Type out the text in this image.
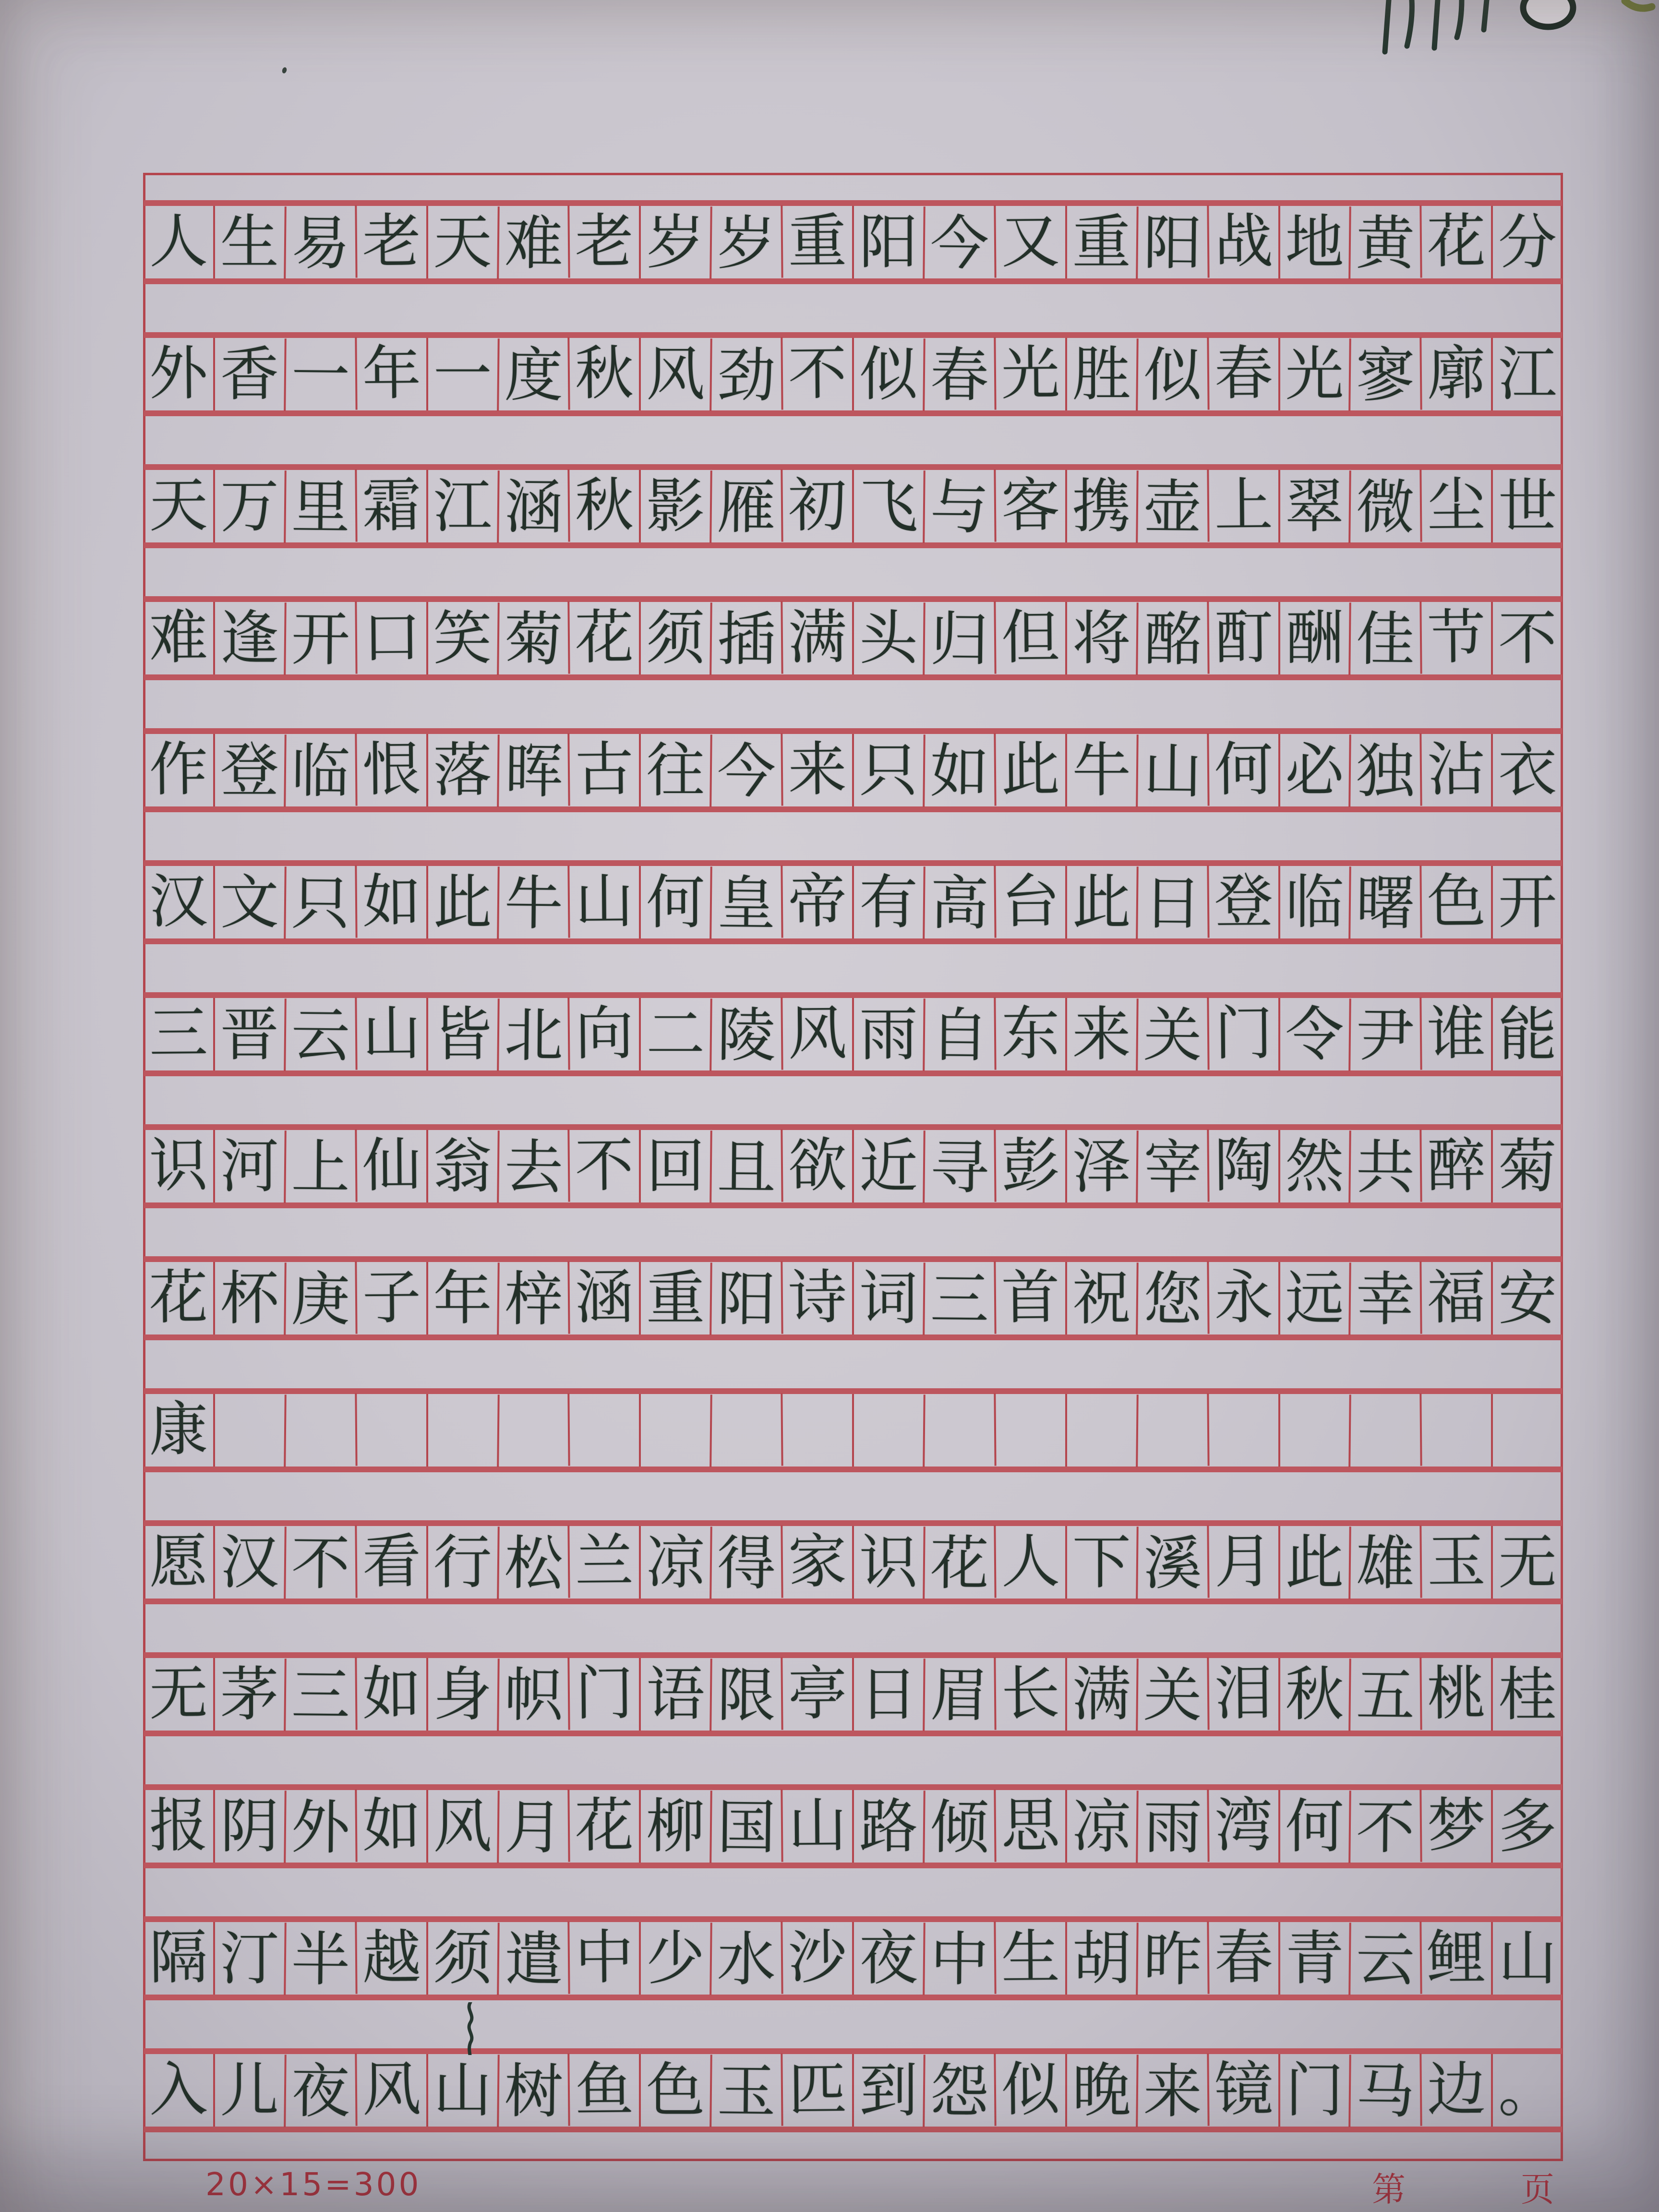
人 生 易 老 天 难 老 岁 岁 重 阳 今 又 重 阳 战 地 黄 花 分
外 香 一 年 一 度 秋 风 劲 不 似 春 光 胜 似 春 光 寥 廓 江
天 万 里 霜 江 涵 秋 影 雁 初 飞 与 客 携 壶 上 翠 微 尘 世
难 逢 开 口 笑 菊 花 须 插 满 头 归 但 将 酩 酊 酬 佳 节 不
作 登 临 恨 落 晖 古 往 今 来 只 如 此 牛 山 何 必 独 沾 衣
汉 文 只 如 此 牛 山 何 皇 帝 有 高 台 此 日 登 临 曙 色 开
三 晋 云 山 皆 北 向 二 陵 风 雨 自 东 来 关 门 令 尹 谁 能
识 河 上 仙 翁 去 不 回 且 欲 近 寻 彭 泽 宰 陶 然 共 醉 菊
花 杯 庚 子 年 梓 涵 重 阳 诗 词 三 首 祝 您 永 远 幸 福 安
康
愿 汉 不 看 行 松 兰 凉 得 家 识 花 人 下 溪 月 此 雄 玉 无
无 茅 三 如 身 帜 门 语 限 亭 日 眉 长 满 关 泪 秋 五 桃 桂
报 阴 外 如 风 月 花 柳 国 山 路 倾 思 凉 雨 湾 何 不 梦 多
隔 汀 半 越 须 遣 中 少 水 沙 夜 中 生 胡 昨 春 青 云 鲤 山
入 儿 夜 风 山 树 鱼 色 玉 匹 到 怨 似 晚 来 镜 门 马 边 。
20×15=300	第	页
